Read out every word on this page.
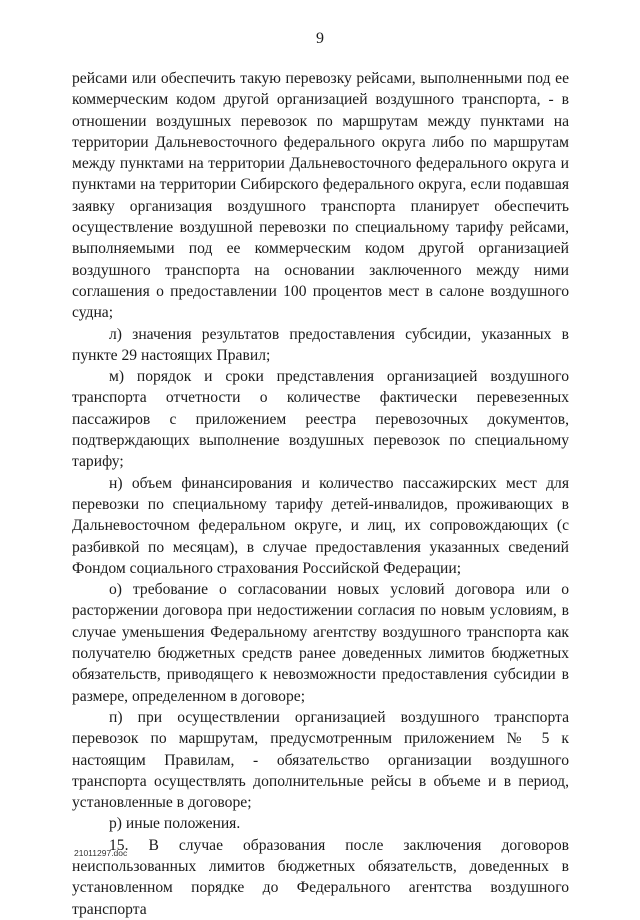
9

рейсами или обеспечить такую перевозку рейсами, выполненными под ее коммерческим кодом другой организацией воздушного транспорта, - в отношении воздушных перевозок по маршрутам между пунктами на территории Дальневосточного федерального округа либо по маршрутам между пунктами на территории Дальневосточного федерального округа и пунктами на территории Сибирского федерального округа, если подавшая заявку организация воздушного транспорта планирует обеспечить осуществление воздушной перевозки по специальному тарифу рейсами, выполняемыми под ее коммерческим кодом другой организацией воздушного транспорта на основании заключенного между ними соглашения о предоставлении 100 процентов мест в салоне воздушного судна;

л) значения результатов предоставления субсидии, указанных в пункте 29 настоящих Правил;

м) порядок и сроки представления организацией воздушного транспорта отчетности о количестве фактически перевезенных пассажиров с приложением реестра перевозочных документов, подтверждающих выполнение воздушных перевозок по специальному тарифу;

н) объем финансирования и количество пассажирских мест для перевозки по специальному тарифу детей-инвалидов, проживающих в Дальневосточном федеральном округе, и лиц, их сопровождающих (с разбивкой по месяцам), в случае предоставления указанных сведений Фондом социального страхования Российской Федерации;

о) требование о согласовании новых условий договора или о расторжении договора при недостижении согласия по новым условиям, в случае уменьшения Федеральному агентству воздушного транспорта как получателю бюджетных средств ранее доведенных лимитов бюджетных обязательств, приводящего к невозможности предоставления субсидии в размере, определенном в договоре;

п) при осуществлении организацией воздушного транспорта перевозок по маршрутам, предусмотренным приложением № 5 к настоящим Правилам, - обязательство организации воздушного транспорта осуществлять дополнительные рейсы в объеме и в период, установленные в договоре;

р) иные положения.

15. В случае образования после заключения договоров неиспользованных лимитов бюджетных обязательств, доведенных в установленном порядке до Федерального агентства воздушного транспорта

21011297.doc
